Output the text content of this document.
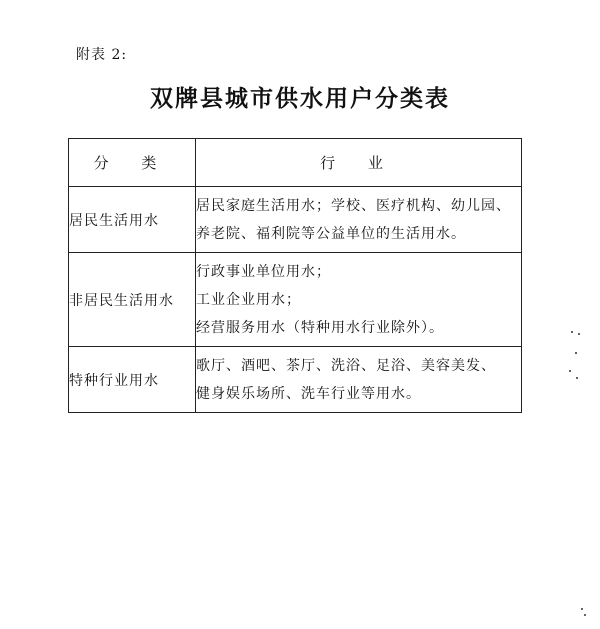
附表 2:
双牌县城市供水用户分类表
分 类	行 业
居民生活用水	居民家庭生活用水；学校、医疗机构、幼儿园、
养老院、福利院等公益单位的生活用水。

非居民生活用水	行政事业单位用水；
工业企业用水；
经营服务用水（特种用水行业除外）。

特种行业用水	歌厅、酒吧、茶厅、洗浴、足浴、美容美发、
健身娱乐场所、洗车行业等用水。
